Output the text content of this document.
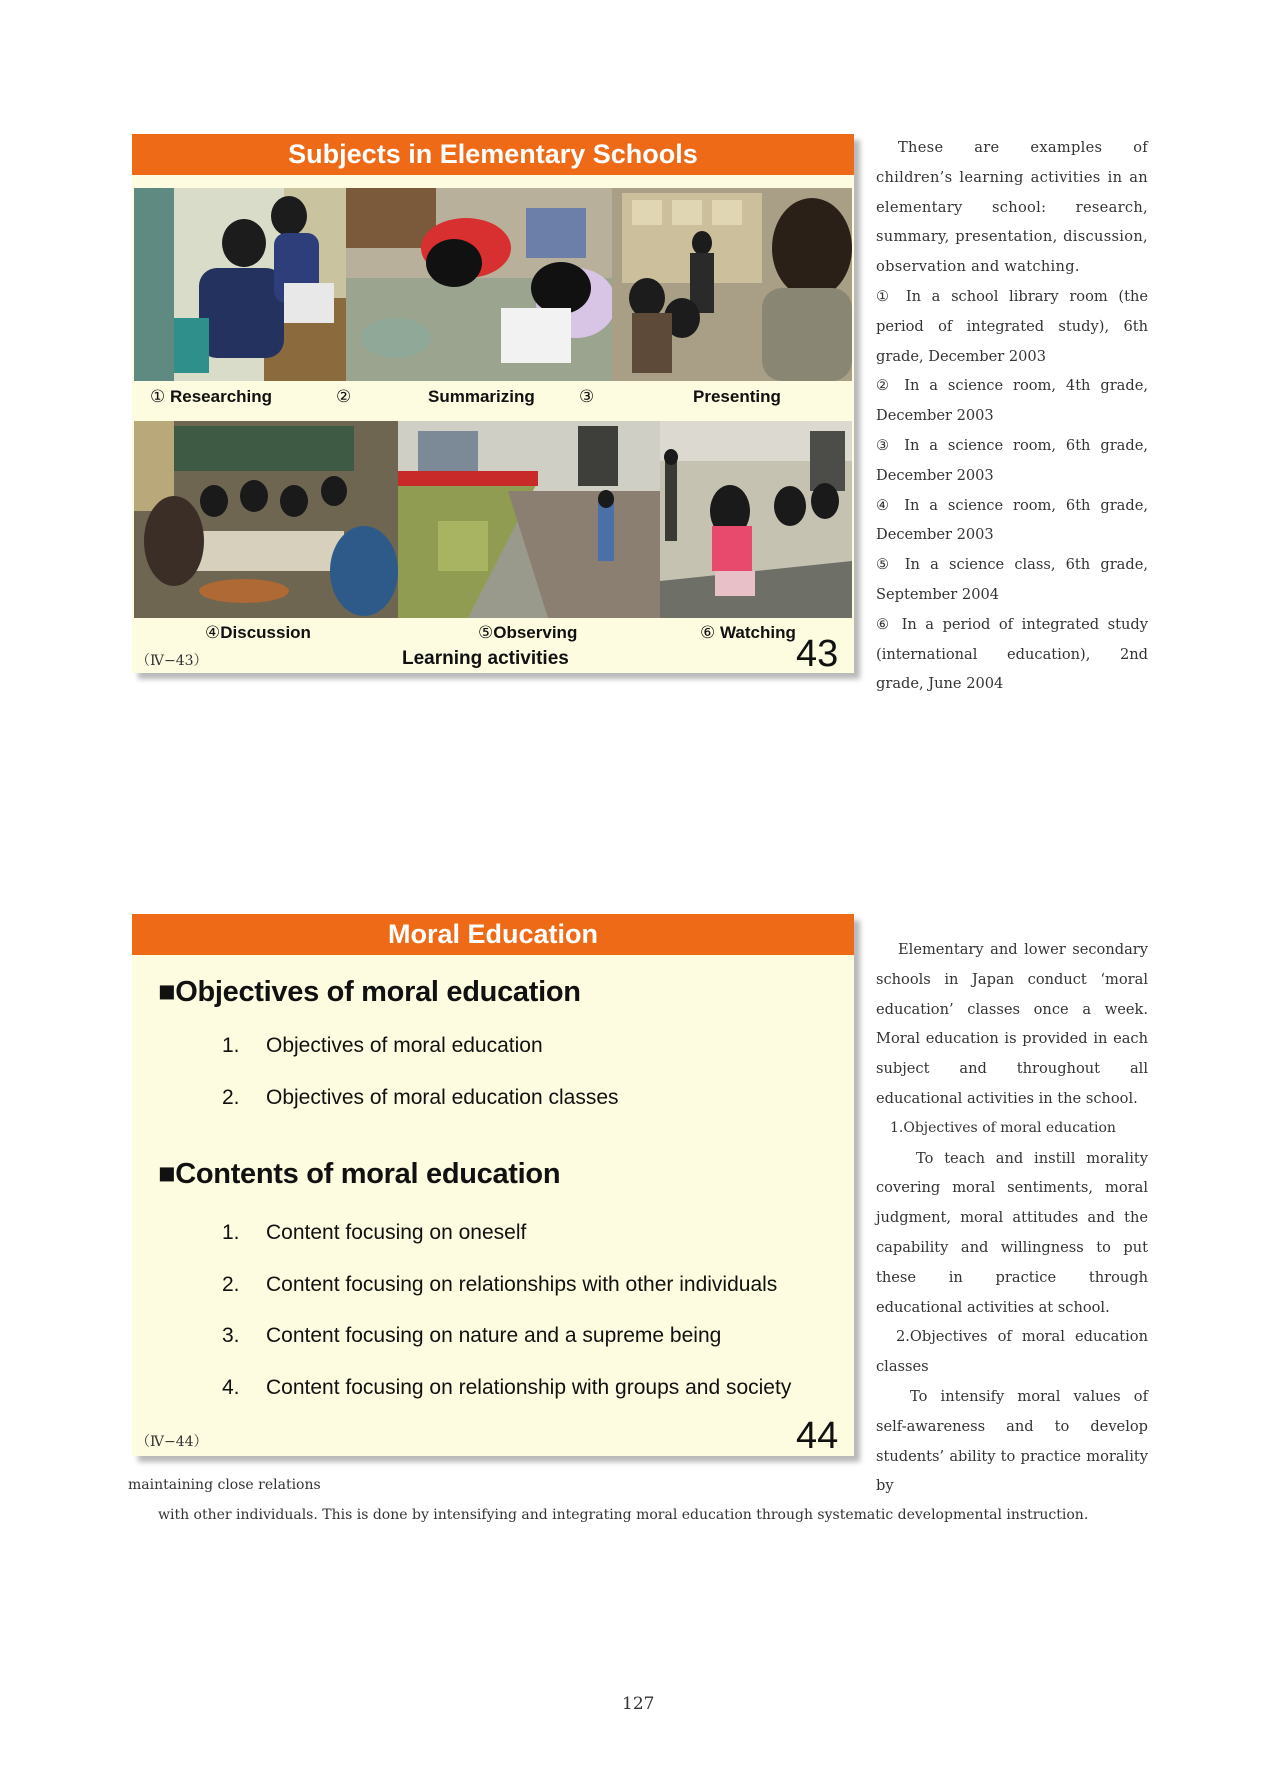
Subjects in Elementary Schools
① Researching	②	Summarizing	③	Presenting
④Discussion	⑤Observing	⑥ Watching
（Ⅳ−43）	Learning activities	43

These are examples of children’s learning activities in an elementary school: research, summary, presentation, discussion, observation and watching.

① In a school library room (the period of integrated study), 6th grade, December 2003

② In a science room, 4th grade, December 2003

③ In a science room, 6th grade, December 2003

④ In a science room, 6th grade, December 2003

⑤ In a science class, 6th grade, September 2004

⑥ In a period of integrated study (international education), 2nd grade, June 2004

Moral Education
■Objectives of moral education
1. Objectives of moral education
2. Objectives of moral education classes
■Contents of moral education
1. Content focusing on oneself
2. Content focusing on relationships with other individuals
3. Content focusing on nature and a supreme being
4. Content focusing on relationship with groups and society
（Ⅳ−44）	44

Elementary and lower secondary schools in Japan conduct ‘moral education’ classes once a week. Moral education is provided in each subject and throughout all educational activities in the school.

1.Objectives of moral education

To teach and instill morality covering moral sentiments, moral judgment, moral attitudes and the capability and willingness to put these in practice through educational activities at school.

2.Objectives of moral education classes

To intensify moral values of self-awareness and to develop students’ ability to practice morality by

maintaining close relations
with other individuals. This is done by intensifying and integrating moral education through systematic developmental instruction.
127
